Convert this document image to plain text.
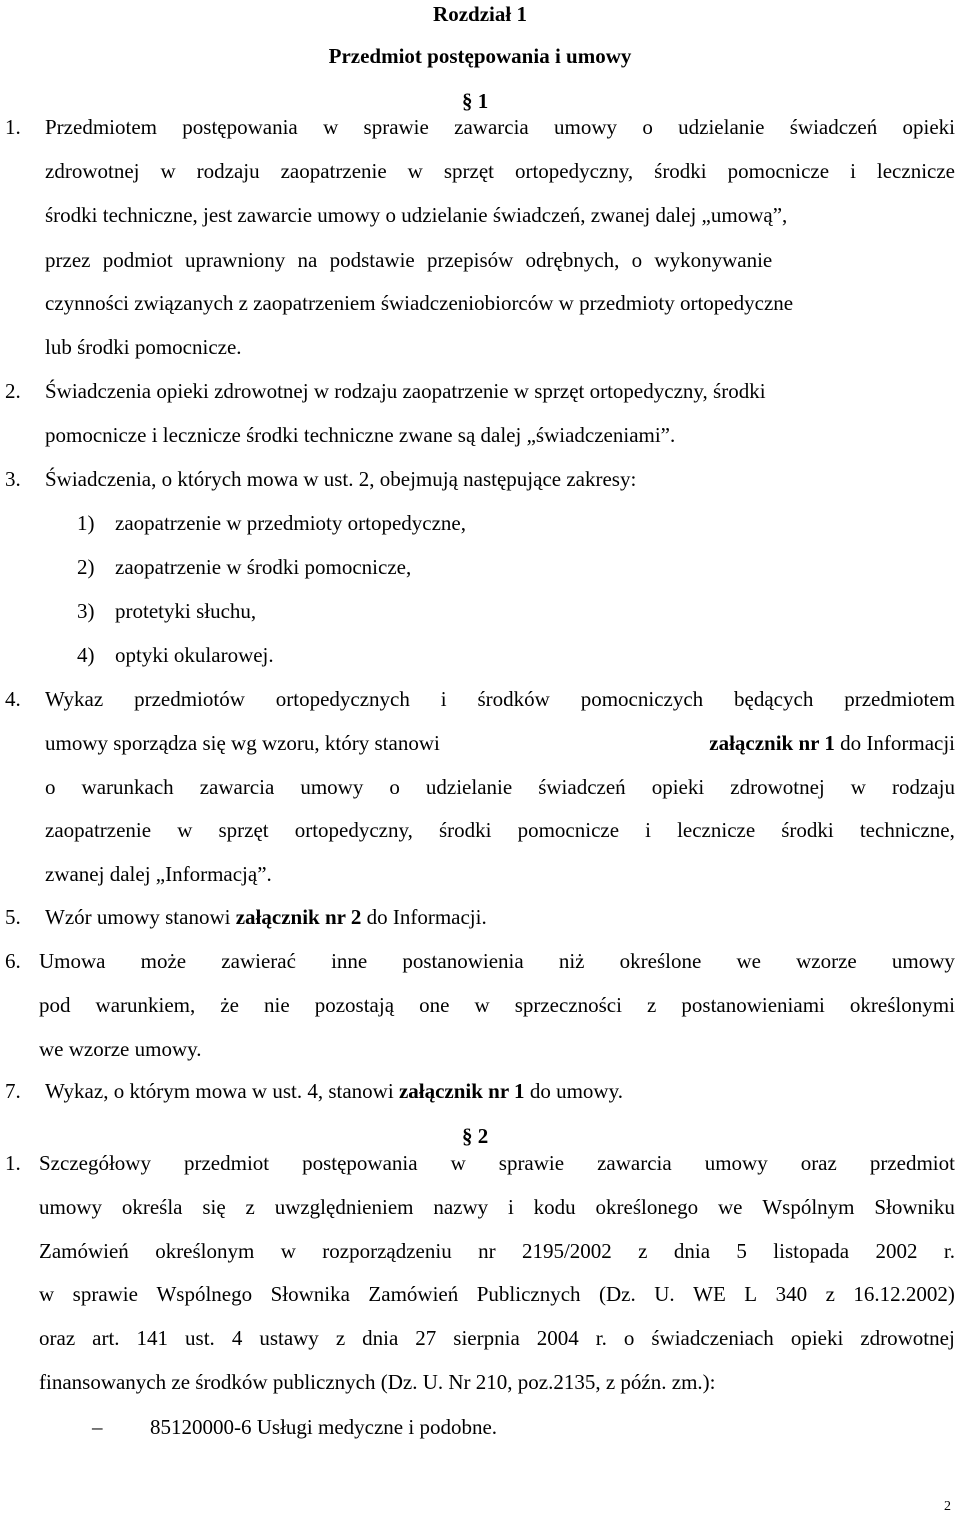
Rozdział 1
Przedmiot postępowania i umowy
§ 1
1. Przedmiotem postępowania w sprawie zawarcia umowy o udzielanie świadczeń opieki
zdrowotnej w rodzaju zaopatrzenie w sprzęt ortopedyczny, środki pomocnicze i lecznicze
środki techniczne, jest zawarcie umowy o udzielanie świadczeń, zwanej dalej „umową”,
przez podmiot uprawniony na podstawie przepisów odrębnych, o wykonywanie
czynności związanych z zaopatrzeniem świadczeniobiorców w przedmioty ortopedyczne
lub środki pomocnicze.
2. Świadczenia opieki zdrowotnej w rodzaju zaopatrzenie w sprzęt ortopedyczny, środki
pomocnicze i lecznicze środki techniczne zwane są dalej „świadczeniami”.
3. Świadczenia, o których mowa w ust. 2, obejmują następujące zakresy:
1) zaopatrzenie w przedmioty ortopedyczne,
2) zaopatrzenie w środki pomocnicze,
3) protetyki słuchu,
4) optyki okularowej.
4. Wykaz przedmiotów ortopedycznych i środków pomocniczych będących przedmiotem
umowy sporządza się wg wzoru, który stanowi	załącznik nr 1 do Informacji
o warunkach zawarcia umowy o udzielanie świadczeń opieki zdrowotnej w rodzaju
zaopatrzenie w sprzęt ortopedyczny, środki pomocnicze i lecznicze środki techniczne,
zwanej dalej „Informacją”.
5. Wzór umowy stanowi załącznik nr 2 do Informacji.
6. Umowa może zawierać inne postanowienia niż określone we wzorze umowy
pod warunkiem, że nie pozostają one w sprzeczności z postanowieniami określonymi
we wzorze umowy.
7. Wykaz, o którym mowa w ust. 4, stanowi załącznik nr 1 do umowy.
§ 2
1. Szczegółowy przedmiot postępowania w sprawie zawarcia umowy oraz przedmiot
umowy określa się z uwzględnieniem nazwy i kodu określonego we Wspólnym Słowniku
Zamówień określonym w rozporządzeniu nr 2195/2002 z dnia 5 listopada 2002 r.
w sprawie Wspólnego Słownika Zamówień Publicznych (Dz. U. WE L 340 z 16.12.2002)
oraz art. 141 ust. 4 ustawy z dnia 27 sierpnia 2004 r. o świadczeniach opieki zdrowotnej
finansowanych ze środków publicznych (Dz. U. Nr 210, poz.2135, z późn. zm.):
– 85120000-6 Usługi medyczne i podobne.
2
